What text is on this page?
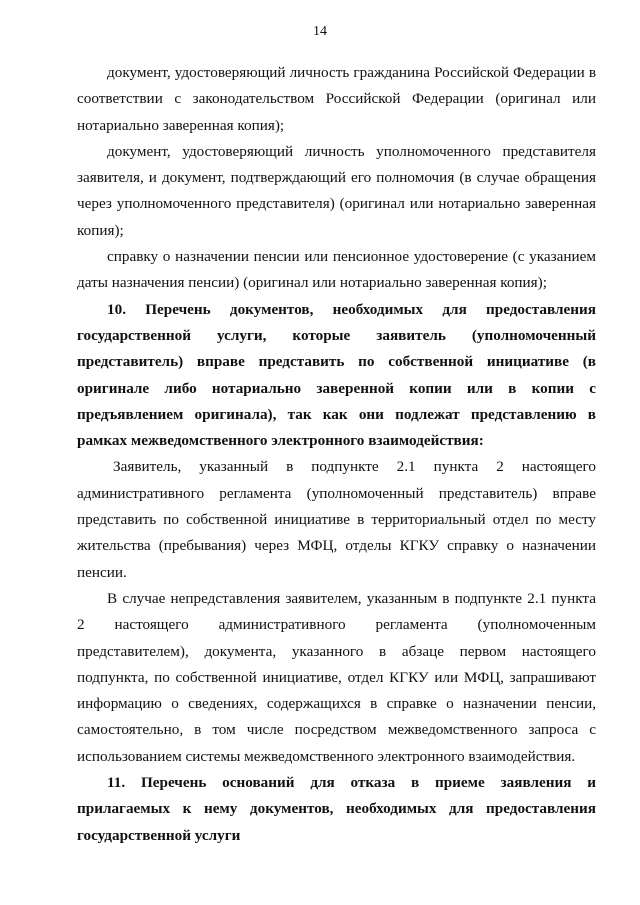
14

документ, удостоверяющий личность гражданина Российской Федерации в соответствии с законодательством Российской Федерации (оригинал или нотариально заверенная копия);

документ, удостоверяющий личность уполномоченного представителя заявителя, и документ, подтверждающий его полномочия (в случае обращения через уполномоченного представителя) (оригинал или нотариально заверенная копия);

справку о назначении пенсии или пенсионное удостоверение (с указанием даты назначения пенсии) (оригинал или нотариально заверенная копия);

10. Перечень документов, необходимых для предоставления государственной услуги, которые заявитель (уполномоченный представитель) вправе представить по собственной инициативе (в оригинале либо нотариально заверенной копии или в копии с предъявлением оригинала), так как они подлежат представлению в рамках межведомственного электронного взаимодействия:

Заявитель, указанный в подпункте 2.1 пункта 2 настоящего административного регламента (уполномоченный представитель) вправе представить по собственной инициативе в территориальный отдел по месту жительства (пребывания) через МФЦ, отделы КГКУ справку о назначении пенсии.

В случае непредставления заявителем, указанным в подпункте 2.1 пункта 2 настоящего административного регламента (уполномоченным представителем), документа, указанного в абзаце первом настоящего подпункта, по собственной инициативе, отдел КГКУ или МФЦ, запрашивают информацию о сведениях, содержащихся в справке о назначении пенсии, самостоятельно, в том числе посредством межведомственного запроса с использованием системы межведомственного электронного взаимодействия.

11. Перечень оснований для отказа в приеме заявления и прилагаемых к нему документов, необходимых для предоставления государственной услуги
